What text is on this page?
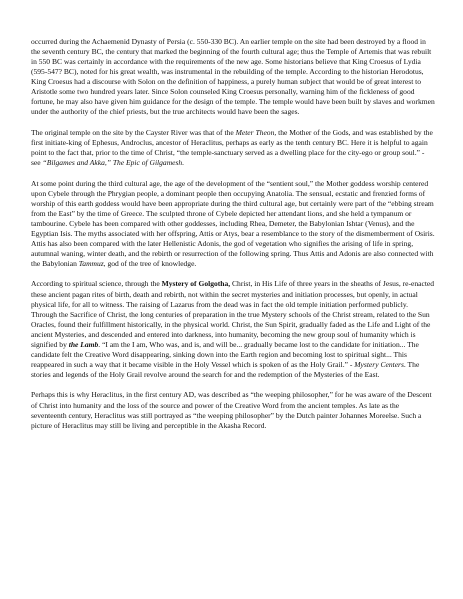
occurred during the Achaemenid Dynasty of Persia (c. 550-330 BC). An earlier temple on the site had been destroyed by a flood in the seventh century BC, the century that marked the beginning of the fourth cultural age; thus the Temple of Artemis that was rebuilt in 550 BC was certainly in accordance with the requirements of the new age. Some historians believe that King Croesus of Lydia (595-547? BC), noted for his great wealth, was instrumental in the rebuilding of the temple. According to the historian Herodotus, King Croesus had a discourse with Solon on the definition of happiness, a purely human subject that would be of great interest to Aristotle some two hundred years later. Since Solon counseled King Croesus personally, warning him of the fickleness of good fortune, he may also have given him guidance for the design of the temple. The temple would have been built by slaves and workmen under the authority of the chief priests, but the true architects would have been the sages.

The original temple on the site by the Cayster River was that of the Meter Theon, the Mother of the Gods, and was established by the first initiate-king of Ephesus, Androclus, ancestor of Heraclitus, perhaps as early as the tenth century BC. Here it is helpful to again point to the fact that, prior to the time of Christ, “the temple-sanctuary served as a dwelling place for the city-ego or group soul.” - see “Bilgames and Akka,” The Epic of Gilgamesh.

At some point during the third cultural age, the age of the development of the “sentient soul,” the Mother goddess worship centered upon Cybele through the Phrygian people, a dominant people then occupying Anatolia. The sensual, ecstatic and frenzied forms of worship of this earth goddess would have been appropriate during the third cultural age, but certainly were part of the “ebbing stream from the East” by the time of Greece. The sculpted throne of Cybele depicted her attendant lions, and she held a tympanum or tambourine. Cybele has been compared with other goddesses, including Rhea, Demeter, the Babylonian Ishtar (Venus), and the Egyptian Isis. The myths associated with her offspring, Attis or Atys, bear a resemblance to the story of the dismemberment of Osiris. Attis has also been compared with the later Hellenistic Adonis, the god of vegetation who signifies the arising of life in spring, autumnal waning, winter death, and the rebirth or resurrection of the following spring. Thus Attis and Adonis are also connected with the Babylonian Tammuz, god of the tree of knowledge.

According to spiritual science, through the Mystery of Golgotha, Christ, in His Life of three years in the sheaths of Jesus, re-enacted these ancient pagan rites of birth, death and rebirth, not within the secret mysteries and initiation processes, but openly, in actual physical life, for all to witness. The raising of Lazarus from the dead was in fact the old temple initiation performed publicly. Through the Sacrifice of Christ, the long centuries of preparation in the true Mystery schools of the Christ stream, related to the Sun Oracles, found their fulfillment historically, in the physical world. Christ, the Sun Spirit, gradually faded as the Life and Light of the ancient Mysteries, and descended and entered into darkness, into humanity, becoming the new group soul of humanity which is signified by the Lamb. “I am the I am, Who was, and is, and will be... gradually became lost to the candidate for initiation... The candidate felt the Creative Word disappearing, sinking down into the Earth region and becoming lost to spiritual sight... This reappeared in such a way that it became visible in the Holy Vessel which is spoken of as the Holy Grail.” - Mystery Centers. The stories and legends of the Holy Grail revolve around the search for and the redemption of the Mysteries of the East.

Perhaps this is why Heraclitus, in the first century AD, was described as “the weeping philosopher,” for he was aware of the Descent of Christ into humanity and the loss of the source and power of the Creative Word from the ancient temples. As late as the seventeenth century, Heraclitus was still portrayed as “the weeping philosopher” by the Dutch painter Johannes Moreelse. Such a picture of Heraclitus may still be living and perceptible in the Akasha Record.
